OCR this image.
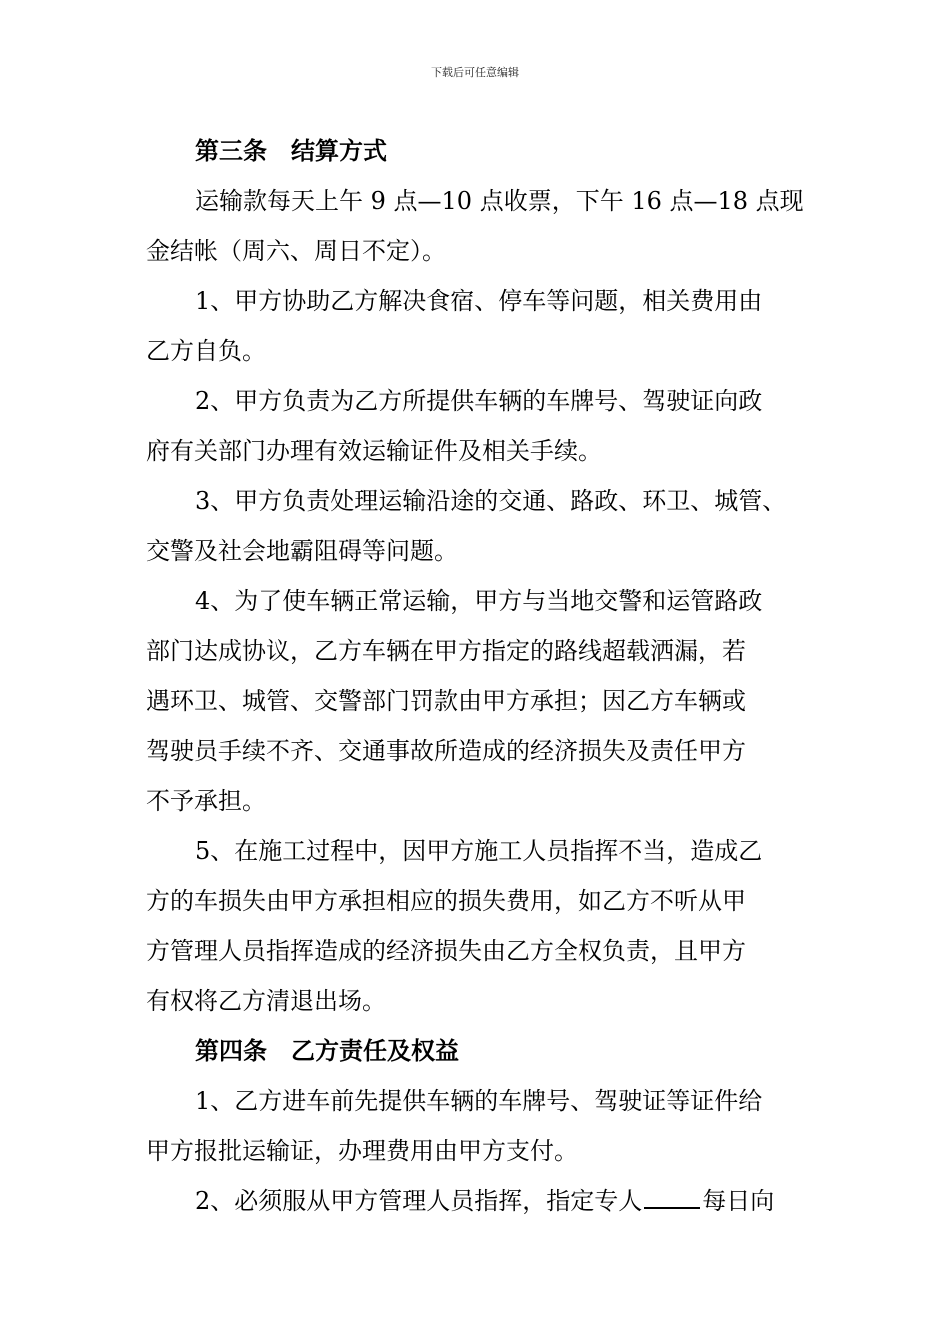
下载后可任意编辑
第三条 结算方式
运输款每天上午 9 点—10 点收票，下午 16 点—18 点现
金结帐（周六、周日不定）。
1、甲方协助乙方解决食宿、停车等问题，相关费用由
乙方自负。
2、甲方负责为乙方所提供车辆的车牌号、驾驶证向政
府有关部门办理有效运输证件及相关手续。
3、甲方负责处理运输沿途的交通、路政、环卫、城管、
交警及社会地霸阻碍等问题。
4、为了使车辆正常运输，甲方与当地交警和运管路政
部门达成协议，乙方车辆在甲方指定的路线超载洒漏，若
遇环卫、城管、交警部门罚款由甲方承担；因乙方车辆或
驾驶员手续不齐、交通事故所造成的经济损失及责任甲方
不予承担。
5、在施工过程中，因甲方施工人员指挥不当，造成乙
方的车损失由甲方承担相应的损失费用，如乙方不听从甲
方管理人员指挥造成的经济损失由乙方全权负责，且甲方
有权将乙方清退出场。
第四条 乙方责任及权益
1、乙方进车前先提供车辆的车牌号、驾驶证等证件给
甲方报批运输证，办理费用由甲方支付。
2、必须服从甲方管理人员指挥，指定专人	每日向
